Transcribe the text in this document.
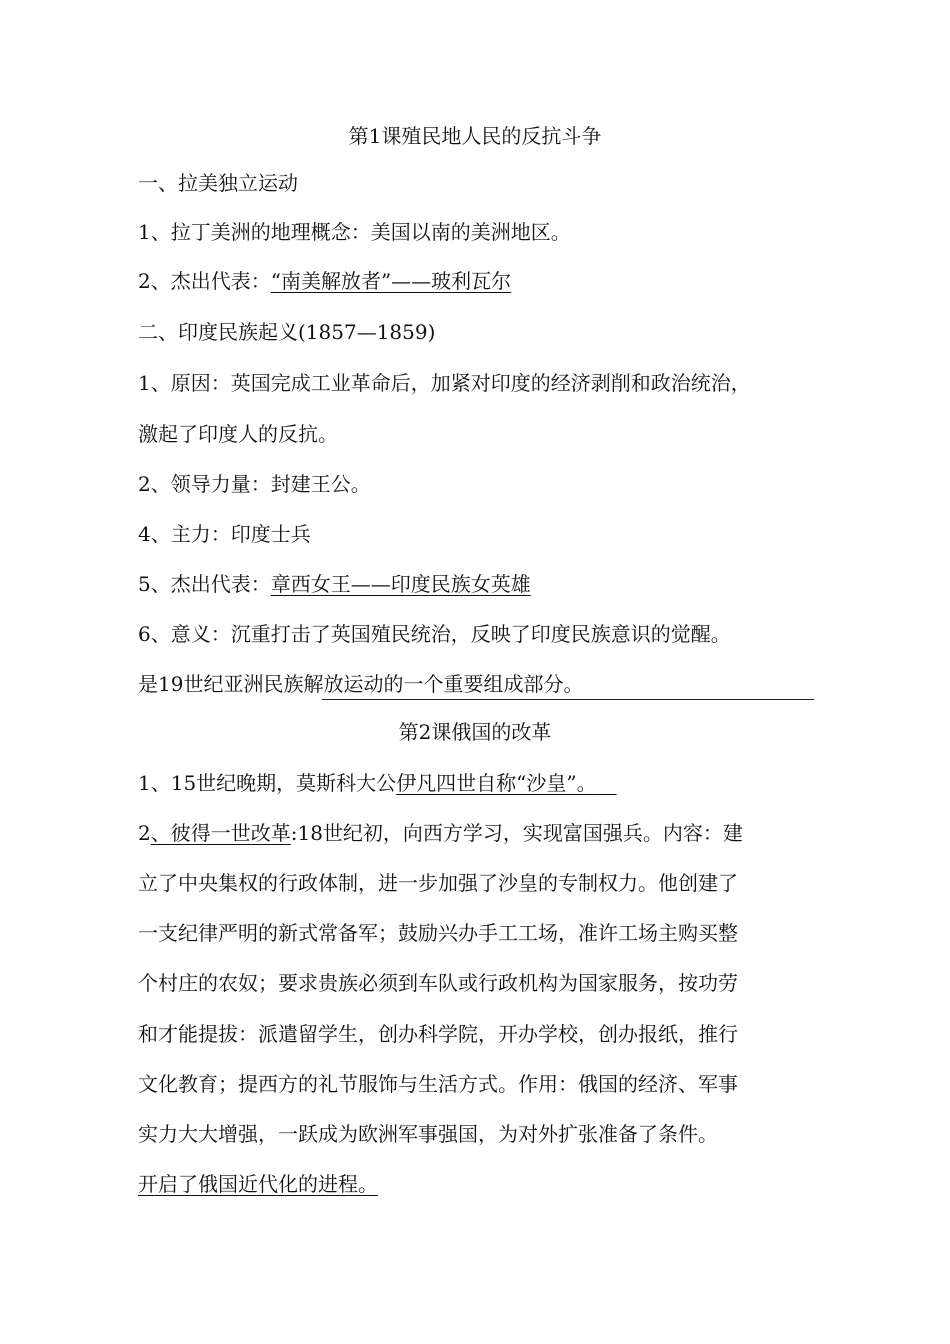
第1课殖民地人民的反抗斗争
一、拉美独立运动
1、拉丁美洲的地理概念：美国以南的美洲地区。
2、杰出代表：“南美解放者”——玻利瓦尔
二、印度民族起义(1857—1859)
1、原因：英国完成工业革命后，加紧对印度的经济剥削和政治统治，
激起了印度人的反抗。
2、领导力量：封建王公。
4、主力：印度士兵
5、杰出代表：章西女王——印度民族女英雄
6、意义：沉重打击了英国殖民统治，反映了印度民族意识的觉醒。
是19世纪亚洲民族解放运动的一个重要组成部分。
第2课俄国的改革
1、15世纪晚期，莫斯科大公伊凡四世自称“沙皇”。 
2、彼得一世改革:18世纪初，向西方学习，实现富国强兵。内容：建
立了中央集权的行政体制，进一步加强了沙皇的专制权力。他创建了
一支纪律严明的新式常备军；鼓励兴办手工工场，准许工场主购买整
个村庄的农奴；要求贵族必须到车队或行政机构为国家服务，按功劳
和才能提拔：派遣留学生，创办科学院，开办学校，创办报纸，推行
文化教育；提西方的礼节服饰与生活方式。作用：俄国的经济、军事
实力大大增强，一跃成为欧洲军事强国，为对外扩张准备了条件。
开启了俄国近代化的进程。
